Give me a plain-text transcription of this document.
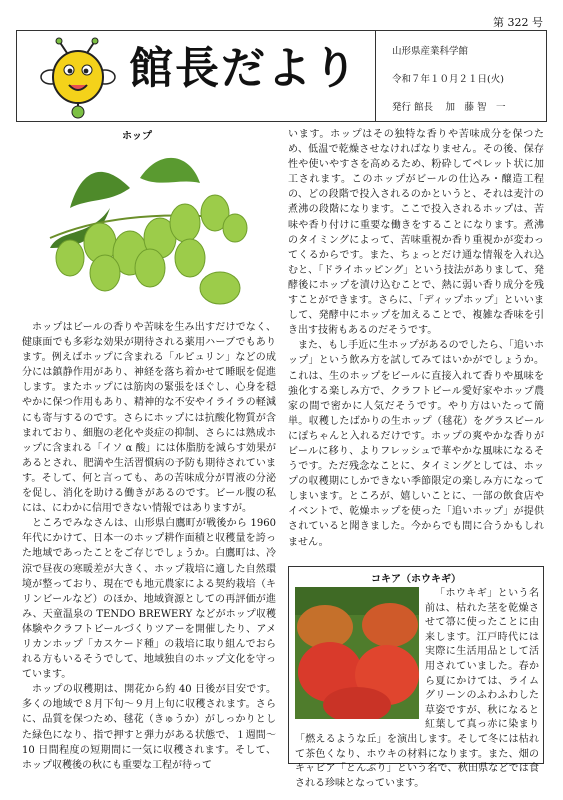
第 322 号
館長だより	山形県産業科学館
令和７年１０月２１日(火)
発行 館長　 加　藤 智　一
ホップ

ホップはビールの香りや苦味を生み出すだけでなく、健康面でも多彩な効果が期待される薬用ハーブでもあります。例えばホップに含まれる「ルピュリン」などの成分には鎮静作用があり、神経を落ち着かせて睡眠を促進します。またホップには筋肉の緊張をほぐし、心身を穏やかに保つ作用もあり、精神的な不安やイライラの軽減にも寄与するのです。さらにホップには抗酸化物質が含まれており、細胞の老化や炎症の抑制、さらには熟成ホップに含まれる「イソ α 酸」には体脂肪を減らす効果があるとされ、肥満や生活習慣病の予防も期待されています。そして、何と言っても、あの苦味成分が胃液の分泌を促し、消化を助ける働きがあるのです。ビール腹の私には、にわかに信用できない情報ではありますが。

ところでみなさんは、山形県白鷹町が戦後から 1960 年代にかけて、日本一のホップ耕作面積と収穫量を誇った地域であったことをご存じでしょうか。白鷹町は、冷涼で昼夜の寒暖差が大きく、ホップ栽培に適した自然環境が整っており、現在でも地元農家による契約栽培（キリンビールなど）のほか、地域資源としての再評価が進み、天童温泉の TENDO BREWERY などがホップ収穫体験やクラフトビールづくりツアーを開催したり、アメリカンホップ「カスケード種」の栽培に取り組んでおられる方もいるそうでして、地域独自のホップ文化を守っています。

ホップの収穫期は、開花から約 40 日後が目安です。多くの地域で８月下旬～９月上旬に収穫されます。さらに、品質を保つため、毬花（きゅうか）がしっかりとした緑色になり、指で押すと弾力がある状態で、１週間～10 日間程度の短期間に一気に収穫されます。そして、ホップ収穫後の秋にも重要な工程が待って

います。ホップはその独特な香りや苦味成分を保つため、低温で乾燥させなければなりません。その後、保存性や使いやすさを高めるため、粉砕してペレット状に加工されます。このホップがビールの仕込み・醸造工程の、どの段階で投入されるのかというと、それは麦汁の煮沸の段階になります。ここで投入されるホップは、苦味や香り付けに重要な働きをすることになります。煮沸のタイミングによって、苦味重視か香り重視かが変わってくるからです。また、ちょっとだけ通な情報を入れ込むと、「ドライホッピング」という技法がありまして、発酵後にホップを漬け込むことで、熱に弱い香り成分を残すことができます。さらに、「ディップホップ」といいまして、発酵中にホップを加えることで、複雑な香味を引き出す技術もあるのだそうです。

また、もし手近に生ホップがあるのでしたら、「追いホップ」という飲み方を試してみてはいかがでしょうか。これは、生のホップをビールに直接入れて香りや風味を強化する楽しみ方で、クラフトビール愛好家やホップ農家の間で密かに人気だそうです。やり方はいたって簡単。収穫したばかりの生ホップ（毬花）をグラスビールにぽちゃんと入れるだけです。ホップの爽やかな香りがビールに移り、よりフレッシュで華やかな風味になるそうです。ただ残念なことに、タイミングとしては、ホップの収穫期にしかできない季節限定の楽しみ方になってしまいます。ところが、嬉しいことに、一部の飲食店やイベントで、乾燥ホップを使った「追いホップ」が提供されていると聞きました。今からでも間に合うかもしれません。

コキア（ホウキギ）

「ホウキギ」という名前は、枯れた茎を乾燥させて箒に使ったことに由来します。江戸時代には実際に生活用品として活用されていました。春から夏にかけては、ライムグリーンのふわふわした草姿ですが、秋になると紅葉して真っ赤に染まり「燃えるような丘」を演出します。そして冬には枯れて茶色くなり、ホウキの材料になります。また、畑のキャビア「とんぶり」という名で、秋田県などでは食される珍味となっています。
